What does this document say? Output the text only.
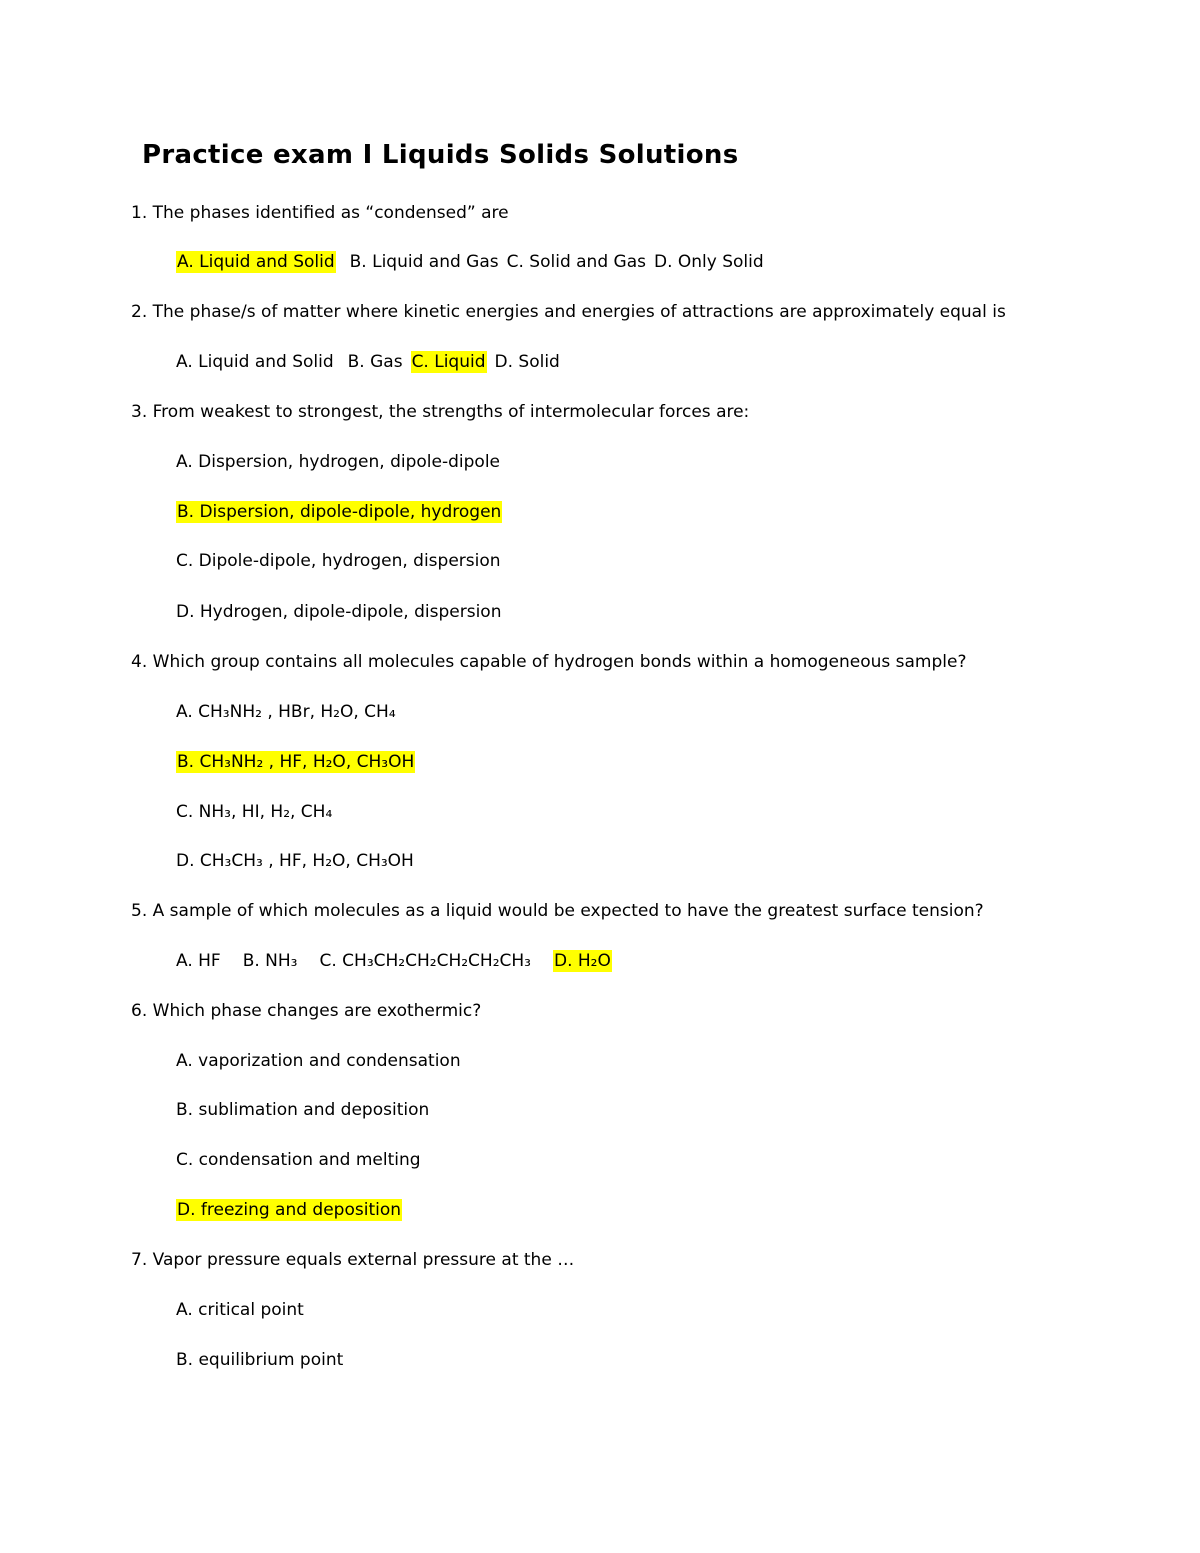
Practice exam I Liquids Solids Solutions
1. The phases identified as “condensed” are
A. Liquid and Solid B. Liquid and Gas C. Solid and Gas D. Only Solid
2. The phase/s of matter where kinetic energies and energies of attractions are approximately equal is
A. Liquid and Solid B. Gas C. Liquid D. Solid
3. From weakest to strongest, the strengths of intermolecular forces are:
A. Dispersion, hydrogen, dipole-dipole
B. Dispersion, dipole-dipole, hydrogen
C. Dipole-dipole, hydrogen, dispersion
D. Hydrogen, dipole-dipole, dispersion
4. Which group contains all molecules capable of hydrogen bonds within a homogeneous sample?
A. CH₃NH₂ , HBr, H₂O, CH₄
B. CH₃NH₂ , HF, H₂O, CH₃OH
C. NH₃, HI, H₂, CH₄
D. CH₃CH₃ , HF, H₂O, CH₃OH
5. A sample of which molecules as a liquid would be expected to have the greatest surface tension?
A. HF B. NH₃ C. CH₃CH₂CH₂CH₂CH₂CH₃ D. H₂O
6. Which phase changes are exothermic?
A. vaporization and condensation
B. sublimation and deposition
C. condensation and melting
D. freezing and deposition
7. Vapor pressure equals external pressure at the …
A. critical point
B. equilibrium point
